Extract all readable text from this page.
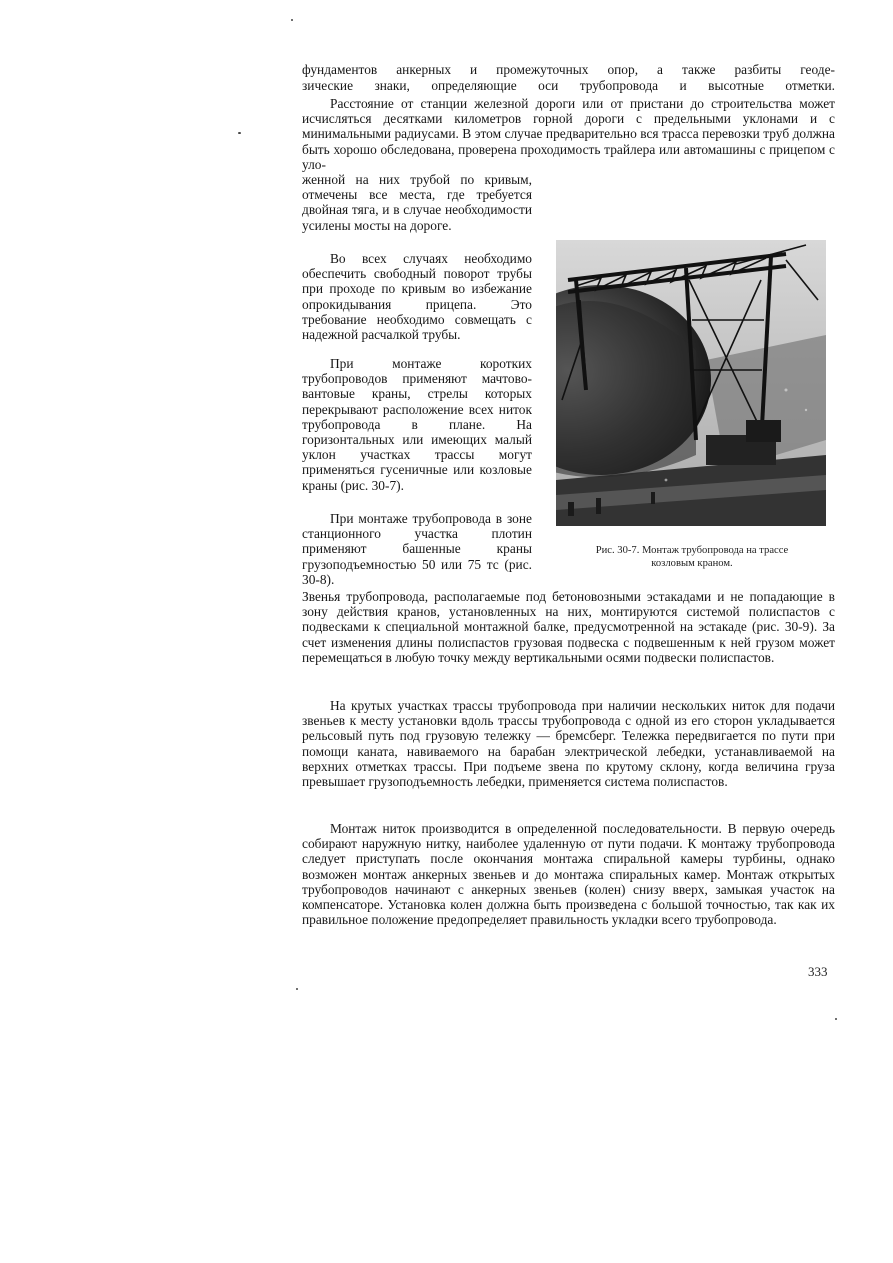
фундаментов анкерных и промежуточных опор, а также разбиты геоде-

зические знаки, определяющие оси трубопровода и высотные отметки.

Расстояние от станции железной дороги или от пристани до строительства может исчисляться десятками километров горной дороги с предельными уклонами и с минимальными радиусами. В этом случае предварительно вся трасса перевозки труб должна быть хорошо обследована, проверена проходимость трайлера или автомашины с прицепом с уло-

женной на них трубой по кривым, отмечены все места, где требуется двойная тяга, и в случае необходимости усилены мосты на дороге.

Во всех случаях необходимо обеспечить свободный поворот трубы при проходе по кривым во избежание опрокидывания прицепа. Это требование необходимо совмещать с надежной расчалкой трубы.

При монтаже коротких трубопроводов применяют мачтово-вантовые краны, стрелы которых перекрывают расположение всех ниток трубопровода в плане. На горизонтальных или имеющих малый уклон участках трассы могут применяться гусеничные или козловые краны (рис. 30-7).

При монтаже трубопровода в зоне станционного участка плотин применяют башенные краны грузоподъемностью 50 или 75 тс (рис. 30-8).

Рис. 30-7. Монтаж трубопровода на трассе
козловым краном.

Звенья трубопровода, располагаемые под бетоновозными эстакадами и не попадающие в зону действия кранов, установленных на них, монтируются системой полиспастов с подвесками к специальной монтажной балке, предусмотренной на эстакаде (рис. 30-9). За счет изменения длины полиспастов грузовая подвеска с подвешенным к ней грузом может перемещаться в любую точку между вертикальными осями подвески полиспастов.

На крутых участках трассы трубопровода при наличии нескольких ниток для подачи звеньев к месту установки вдоль трассы трубопровода с одной из его сторон укладывается рельсовый путь под грузовую тележку — бремсберг. Тележка передвигается по пути при помощи каната, навиваемого на барабан электрической лебедки, устанавливаемой на верхних отметках трассы. При подъеме звена по крутому склону, когда величина груза превышает грузоподъемность лебедки, применяется система полиспастов.

Монтаж ниток производится в определенной последовательности. В первую очередь собирают наружную нитку, наиболее удаленную от пути подачи. К монтажу трубопровода следует приступать после окончания монтажа спиральной камеры турбины, однако возможен монтаж анкерных звеньев и до монтажа спиральных камер. Монтаж открытых трубопроводов начинают с анкерных звеньев (колен) снизу вверх, замыкая участок на компенсаторе. Установка колен должна быть произведена с большой точностью, так как их правильное положение предопределяет правильность укладки всего трубопровода.

333
